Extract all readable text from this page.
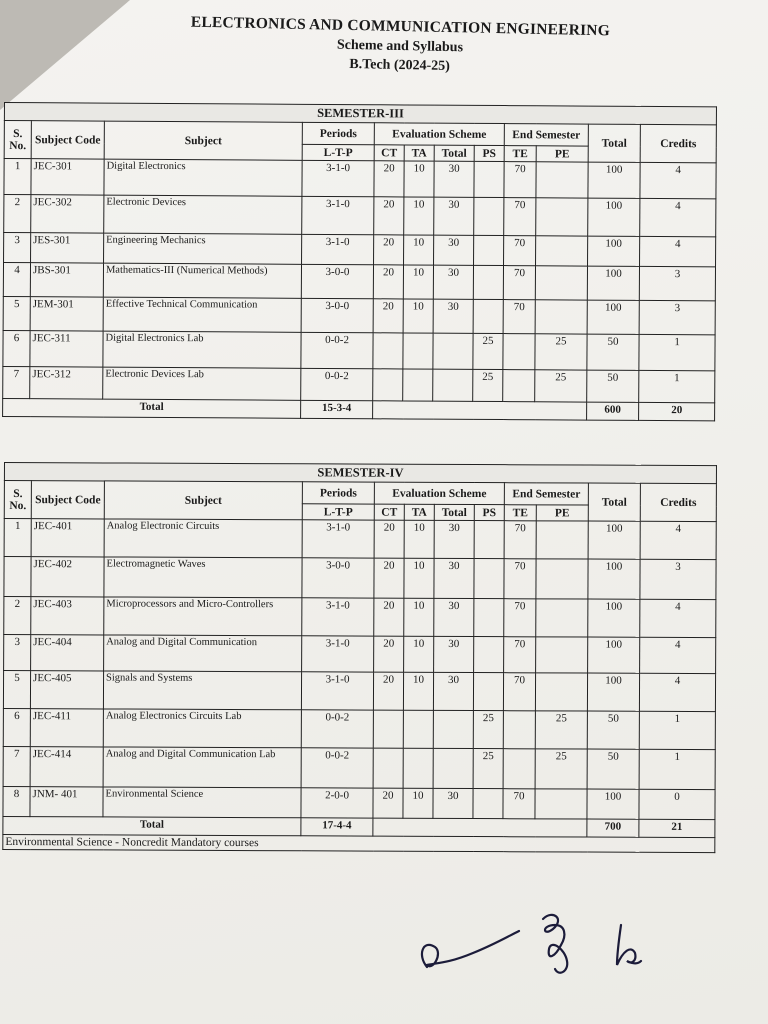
ELECTRONICS AND COMMUNICATION ENGINEERING

Scheme and Syllabus

B.Tech (2024-25)

SEMESTER-III											
S. No.	Subject Code	Subject	Periods	Evaluation Scheme				End Semester		Total	Credits
			L-T-P	CT	TA	Total	PS	TE	PE		
1	JEC-301	Digital Electronics	3-1-0	20	10	30		70		100	4
2	JEC-302	Electronic Devices	3-1-0	20	10	30		70		100	4
3	JES-301	Engineering Mechanics	3-1-0	20	10	30		70		100	4
4	JBS-301	Mathematics-III (Numerical Methods)	3-0-0	20	10	30		70		100	3
5	JEM-301	Effective Technical Communication	3-0-0	20	10	30		70		100	3
6	JEC-311	Digital Electronics Lab	0-0-2				25		25	50	1
7	JEC-312	Electronic Devices Lab	0-0-2				25		25	50	1
Total			15-3-4							600	20
SEMESTER-IV											
S. No.	Subject Code	Subject	Periods	Evaluation Scheme				End Semester		Total	Credits
			L-T-P	CT	TA	Total	PS	TE	PE		
1	JEC-401	Analog Electronic Circuits	3-1-0	20	10	30		70		100	4
	JEC-402	Electromagnetic Waves	3-0-0	20	10	30		70		100	3
2	JEC-403	Microprocessors and Micro-Controllers	3-1-0	20	10	30		70		100	4
3	JEC-404	Analog and Digital Communication	3-1-0	20	10	30		70		100	4
5	JEC-405	Signals and Systems	3-1-0	20	10	30		70		100	4
6	JEC-411	Analog Electronics Circuits Lab	0-0-2				25		25	50	1
7	JEC-414	Analog and Digital Communication Lab	0-0-2				25		25	50	1
8	JNM- 401	Environmental Science	2-0-0	20	10	30		70		100	0
Total			17-4-4							700	21
Environmental Science - Noncredit Mandatory courses											
